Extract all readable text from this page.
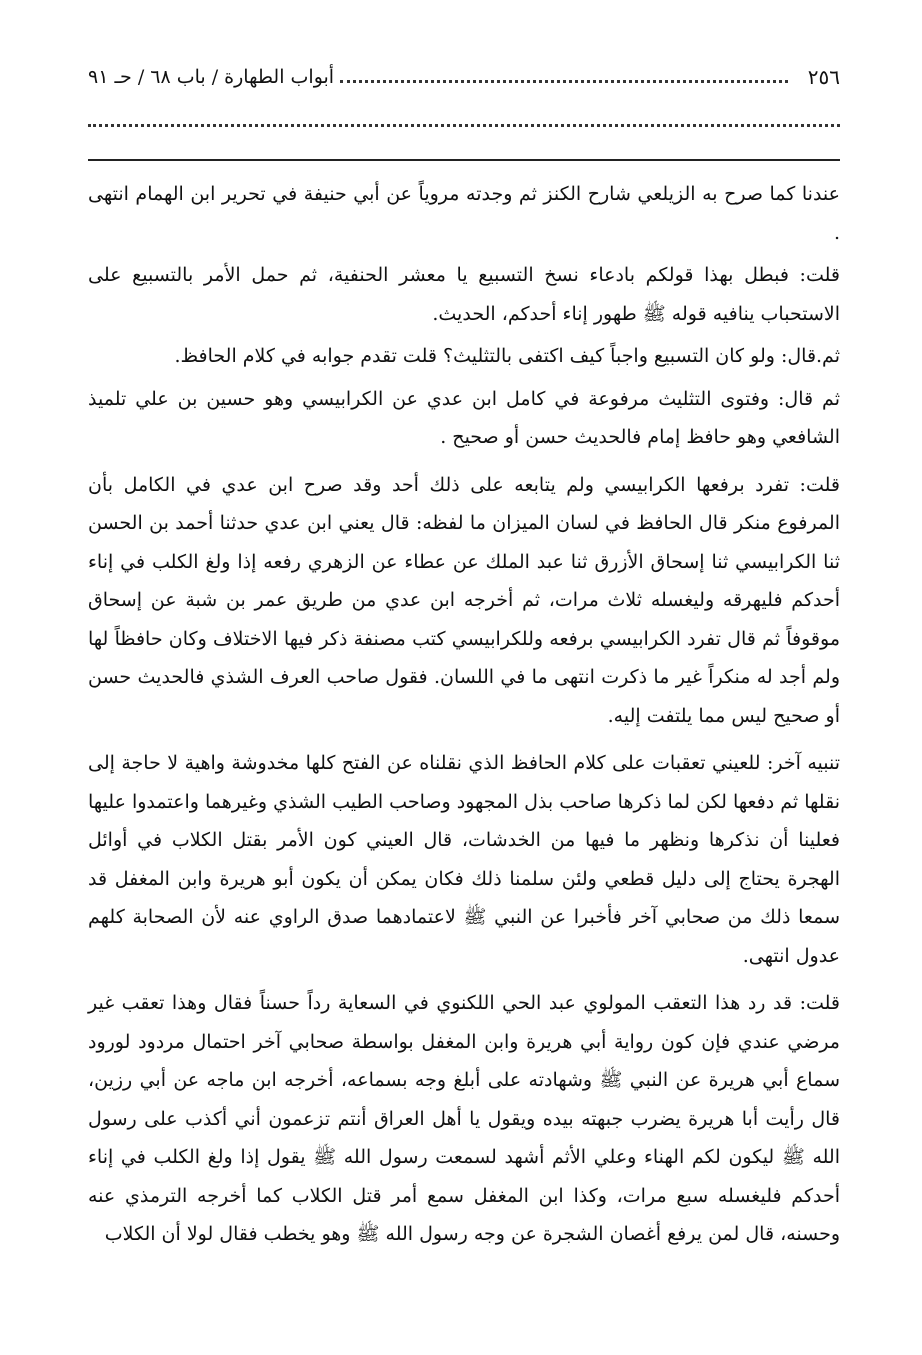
٢٥٦
أبواب الطهارة / باب ٦٨ / حـ ٩١

عندنا كما صرح به الزيلعي شارح الكنز ثم وجدته مروياً عن أبي حنيفة في تحرير ابن الهمام انتهى .

قلت: فبطل بهذا قولكم بادعاء نسخ التسبيع يا معشر الحنفية، ثم حمل الأمر بالتسبيع على الاستحباب ينافيه قوله ﷺ طهور إناء أحدكم، الحديث.

ثم.قال: ولو كان التسبيع واجباً كيف اكتفى بالتثليث؟ قلت تقدم جوابه في كلام الحافظ.

ثم قال: وفتوى التثليث مرفوعة في كامل ابن عدي عن الكرابيسي وهو حسين بن علي تلميذ الشافعي وهو حافظ إمام فالحديث حسن أو صحيح .

قلت: تفرد برفعها الكرابيسي ولم يتابعه على ذلك أحد وقد صرح ابن عدي في الكامل بأن المرفوع منكر قال الحافظ في لسان الميزان ما لفظه: قال يعني ابن عدي حدثنا أحمد بن الحسن ثنا الكرابيسي ثنا إسحاق الأزرق ثنا عبد الملك عن عطاء عن الزهري رفعه إذا ولغ الكلب في إناء أحدكم فليهرقه وليغسله ثلاث مرات، ثم أخرجه ابن عدي من طريق عمر بن شبة عن إسحاق موقوفاً ثم قال تفرد الكرابيسي برفعه وللكرابيسي كتب مصنفة ذكر فيها الاختلاف وكان حافظاً لها ولم أجد له منكراً غير ما ذكرت انتهى ما في اللسان. فقول صاحب العرف الشذي فالحديث حسن أو صحيح ليس مما يلتفت إليه.

تنبيه آخر: للعيني تعقبات على كلام الحافظ الذي نقلناه عن الفتح كلها مخدوشة واهية لا حاجة إلى نقلها ثم دفعها لكن لما ذكرها صاحب بذل المجهود وصاحب الطيب الشذي وغيرهما واعتمدوا عليها فعلينا أن نذكرها ونظهر ما فيها من الخدشات، قال العيني كون الأمر بقتل الكلاب في أوائل الهجرة يحتاج إلى دليل قطعي ولئن سلمنا ذلك فكان يمكن أن يكون أبو هريرة وابن المغفل قد سمعا ذلك من صحابي آخر فأخبرا عن النبي ﷺ لاعتمادهما صدق الراوي عنه لأن الصحابة كلهم عدول انتهى.

قلت: قد رد هذا التعقب المولوي عبد الحي اللكنوي في السعاية رداً حسناً فقال وهذا تعقب غير مرضي عندي فإن كون رواية أبي هريرة وابن المغفل بواسطة صحابي آخر احتمال مردود لورود سماع أبي هريرة عن النبي ﷺ وشهادته على أبلغ وجه بسماعه، أخرجه ابن ماجه عن أبي رزين، قال رأيت أبا هريرة يضرب جبهته بيده ويقول يا أهل العراق أنتم تزعمون أني أكذب على رسول الله ﷺ ليكون لكم الهناء وعلي الأثم أشهد لسمعت رسول الله ﷺ يقول إذا ولغ الكلب في إناء أحدكم فليغسله سبع مرات، وكذا ابن المغفل سمع أمر قتل الكلاب كما أخرجه الترمذي عنه وحسنه، قال لمن يرفع أغصان الشجرة عن وجه رسول الله ﷺ وهو يخطب فقال لولا أن الكلاب
